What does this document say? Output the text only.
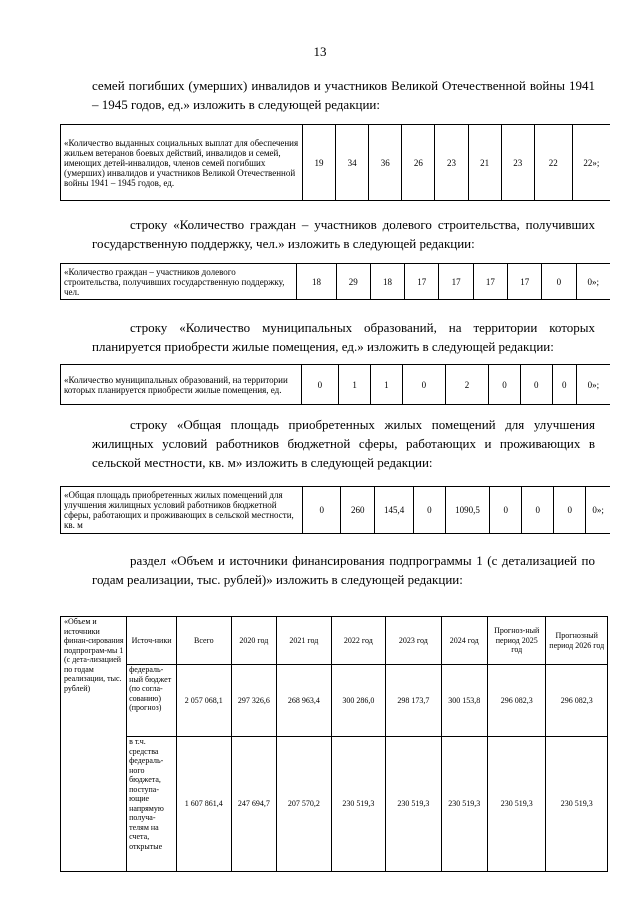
13
семей погибших (умерших) инвалидов и участников Великой Отечественной войны 1941 – 1945 годов, ед.» изложить в следующей редакции:
«Количество выданных социальных выплат для обеспечения жильем ветеранов боевых действий, инвалидов и семей, имеющих детей-инвалидов, членов семей погибших (умерших) инвалидов и участников Великой Отечественной войны 1941 – 1945 годов, ед.	19	34	36	26	23	21	23	22	22»;
строку «Количество граждан – участников долевого строительства, получивших государственную поддержку, чел.» изложить в следующей редакции:
«Количество граждан – участников долевого строительства, получивших государственную поддержку, чел.	18	29	18	17	17	17	17	0	0»;
строку «Количество муниципальных образований, на территории которых планируется приобрести жилые помещения, ед.» изложить в следующей редакции:
«Количество муниципальных образований, на территории которых планируется приобрести жилые помещения, ед.	0	1	1	0	2	0	0	0	0»;
строку «Общая площадь приобретенных жилых помещений для улучшения жилищных условий работников бюджетной сферы, работающих и проживающих в сельской местности, кв. м» изложить в следующей редакции:
«Общая площадь приобретенных жилых помещений для улучшения жилищных условий работников бюджетной сферы, работающих и проживающих в сельской местности, кв. м	0	260	145,4	0	1090,5	0	0	0	0»;
раздел «Объем и источники финансирования подпрограммы 1 (с детализацией по годам реализации, тыс. рублей)» изложить в следующей редакции:
«Объем и источники финан-сирования подпрограм-мы 1 (с дета-лизацией по годам реализации, тыс. рублей)	Источ-ники	Всего	2020 год	2021 год	2022 год	2023 год	2024 год	Прогноз-ный период 2025 год	Прогнозный период 2026 год
	федераль-ный бюджет (по согла-сованию) (прогноз)	2 057 068,1	297 326,6	268 963,4	300 286,0	298 173,7	300 153,8	296 082,3	296 082,3
	в т.ч. средства федераль-ного бюджета, поступа-ющие напрямую получа-телям на счета, открытые	1 607 861,4	247 694,7	207 570,2	230 519,3	230 519,3	230 519,3	230 519,3	230 519,3
